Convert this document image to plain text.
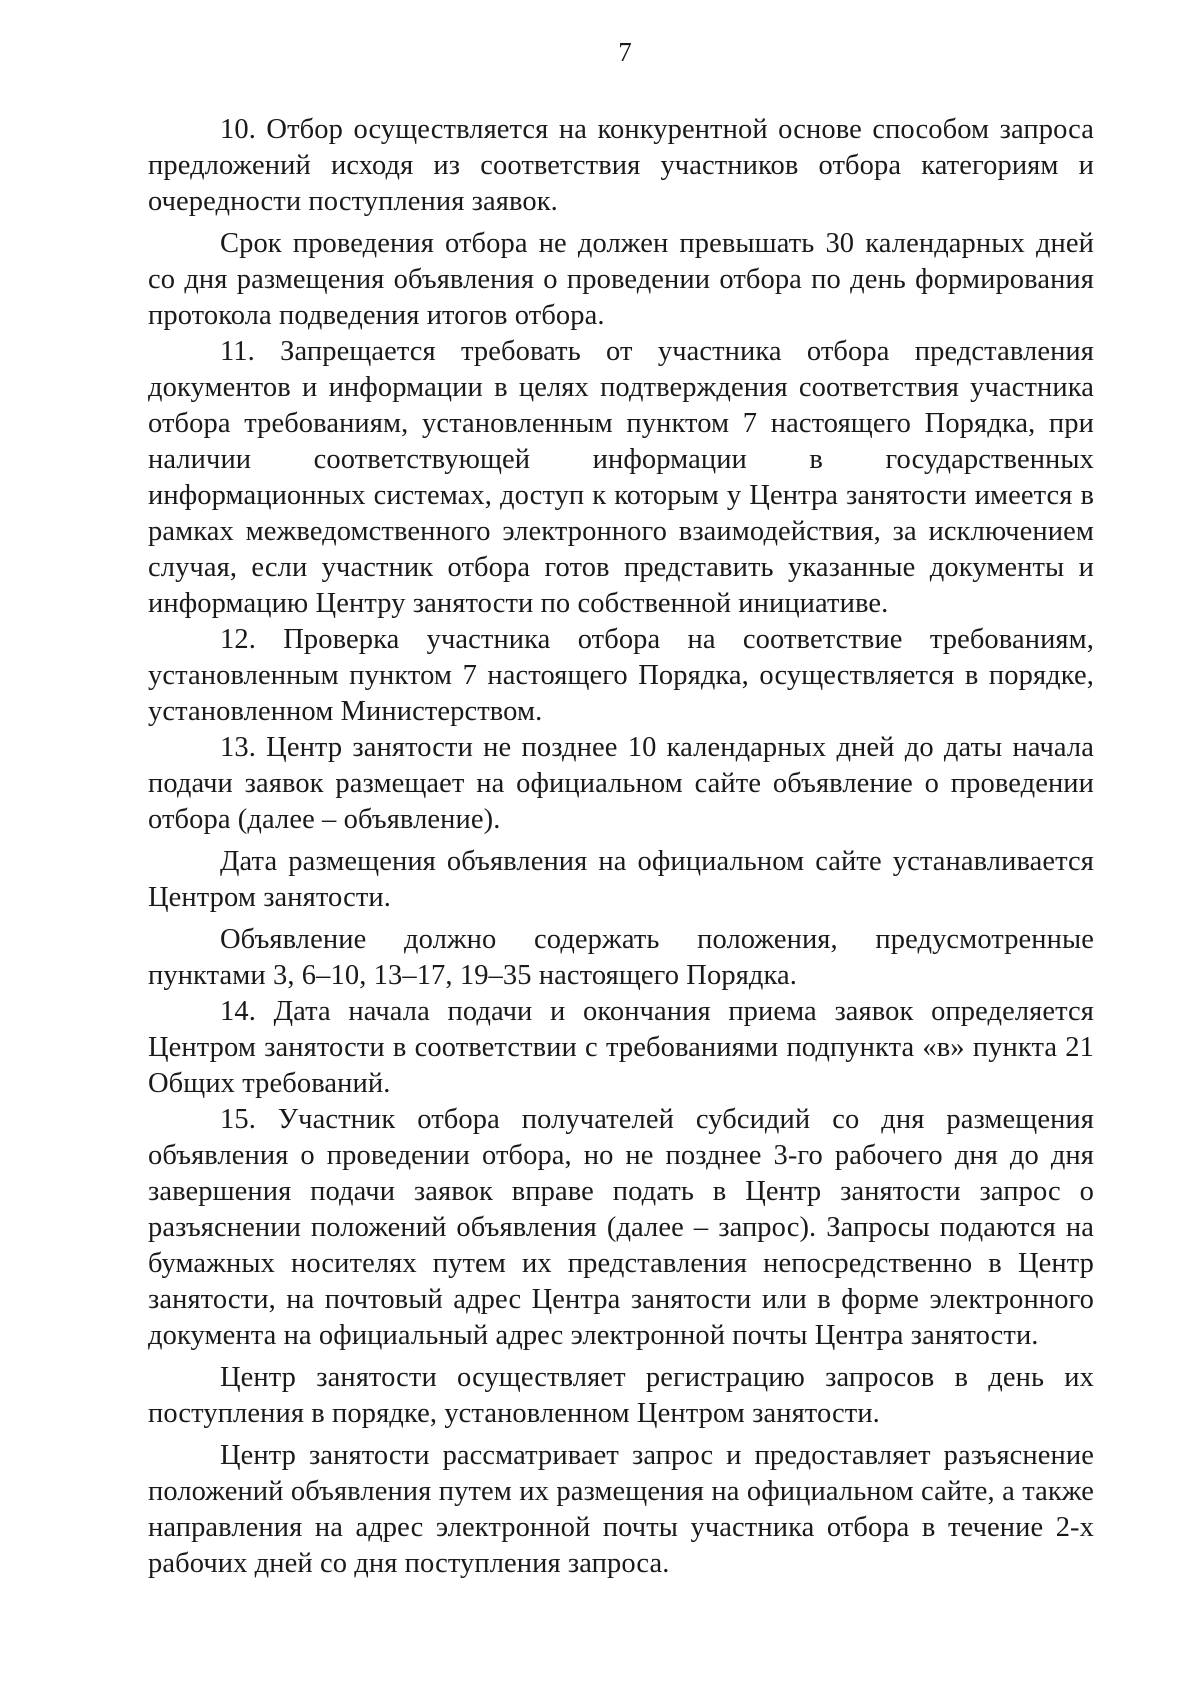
7

10. Отбор осуществляется на конкурентной основе способом запроса предложений исходя из соответствия участников отбора категориям и очередности поступления заявок.

Срок проведения отбора не должен превышать 30 календарных дней со дня размещения объявления о проведении отбора по день формирования протокола подведения итогов отбора.

11. Запрещается требовать от участника отбора представления документов и информации в целях подтверждения соответствия участника отбора требованиям, установленным пунктом 7 настоящего Порядка, при наличии соответствующей информации в государственных информационных системах, доступ к которым у Центра занятости имеется в рамках межведомственного электронного взаимодействия, за исключением случая, если участник отбора готов представить указанные документы и информацию Центру занятости по собственной инициативе.

12. Проверка участника отбора на соответствие требованиям, установленным пунктом 7 настоящего Порядка, осуществляется в порядке, установленном Министерством.

13. Центр занятости не позднее 10 календарных дней до даты начала подачи заявок размещает на официальном сайте объявление о проведении отбора (далее – объявление).

Дата размещения объявления на официальном сайте устанавливается Центром занятости.

Объявление должно содержать положения, предусмотренные пунктами 3, 6–10, 13–17, 19–35 настоящего Порядка.

14. Дата начала подачи и окончания приема заявок определяется Центром занятости в соответствии с требованиями подпункта «в» пункта 21 Общих требований.

15. Участник отбора получателей субсидий со дня размещения объявления о проведении отбора, но не позднее 3-го рабочего дня до дня завершения подачи заявок вправе подать в Центр занятости запрос о разъяснении положений объявления (далее – запрос). Запросы подаются на бумажных носителях путем их представления непосредственно в Центр занятости, на почтовый адрес Центра занятости или в форме электронного документа на официальный адрес электронной почты Центра занятости.

Центр занятости осуществляет регистрацию запросов в день их поступления в порядке, установленном Центром занятости.

Центр занятости рассматривает запрос и предоставляет разъяснение положений объявления путем их размещения на официальном сайте, а также направления на адрес электронной почты участника отбора в течение 2-х рабочих дней со дня поступления запроса.
